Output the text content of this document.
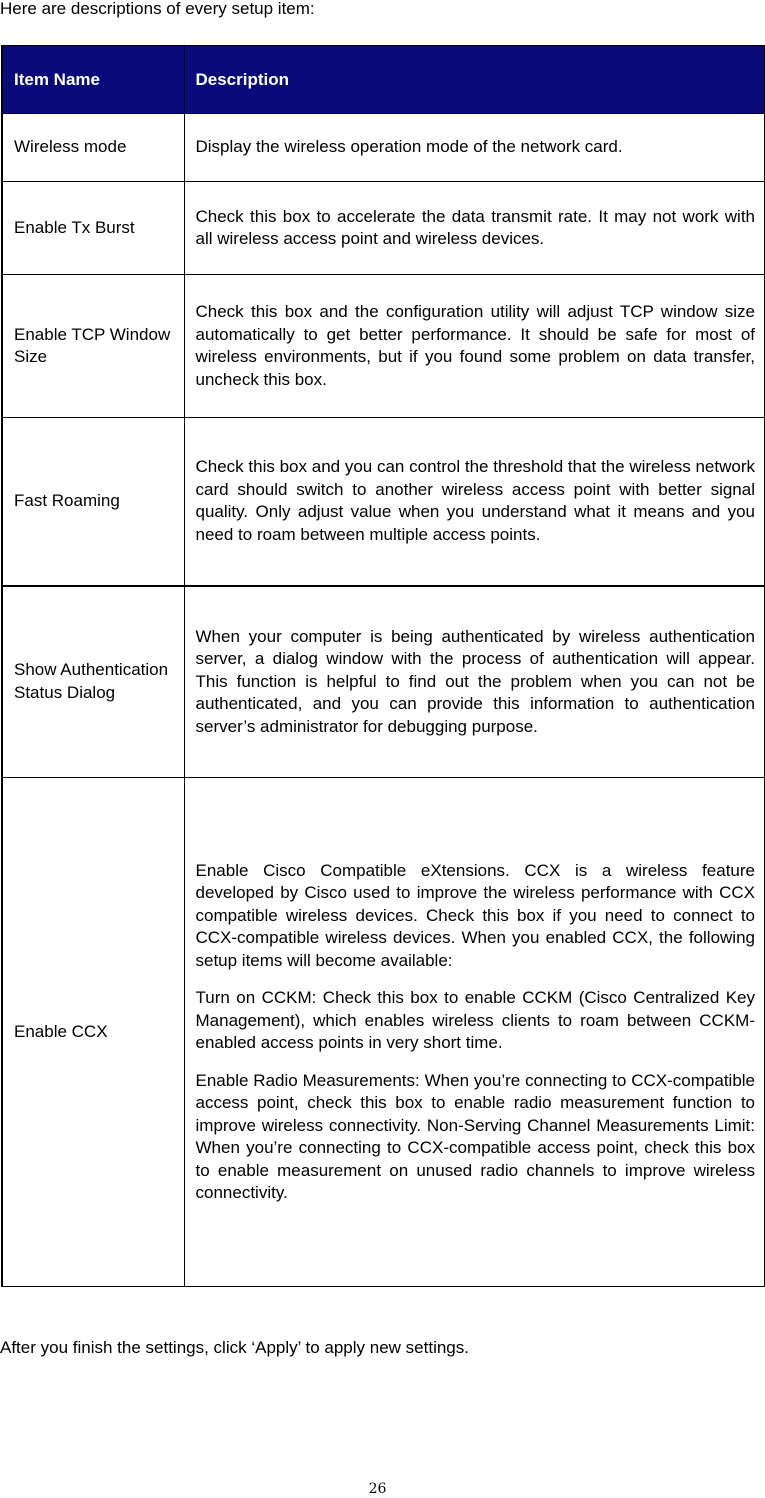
Here are descriptions of every setup item:
Item Name	Description
Wireless mode	Display the wireless operation mode of the network card.

Enable Tx Burst	Check this box to accelerate the data transmit rate. It may not work with all wireless access point and wireless devices.

Enable TCP Window Size	Check this box and the configuration utility will adjust TCP window size automatically to get better performance. It should be safe for most of wireless environments, but if you found some problem on data transfer, uncheck this box.

Fast Roaming	Check this box and you can control the threshold that the wireless network card should switch to another wireless access point with better signal quality. Only adjust value when you understand what it means and you need to roam between multiple access points.

Show Authentication Status Dialog	When your computer is being authenticated by wireless authentication server, a dialog window with the process of authentication will appear. This function is helpful to find out the problem when you can not be authenticated, and you can provide this information to authentication server’s administrator for debugging purpose.

Enable CCX	Enable Cisco Compatible eXtensions. CCX is a wireless feature developed by Cisco used to improve the wireless performance with CCX compatible wireless devices. Check this box if you need to connect to CCX-compatible wireless devices. When you enabled CCX, the following setup items will become available:

Turn on CCKM: Check this box to enable CCKM (Cisco Centralized Key Management), which enables wireless clients to roam between CCKM-enabled access points in very short time.

Enable Radio Measurements: When you’re connecting to CCX-compatible access point, check this box to enable radio measurement function to improve wireless connectivity. Non-Serving Channel Measurements Limit: When you’re connecting to CCX-compatible access point, check this box to enable measurement on unused radio channels to improve wireless connectivity.

After you finish the settings, click ‘Apply’ to apply new settings.
26
